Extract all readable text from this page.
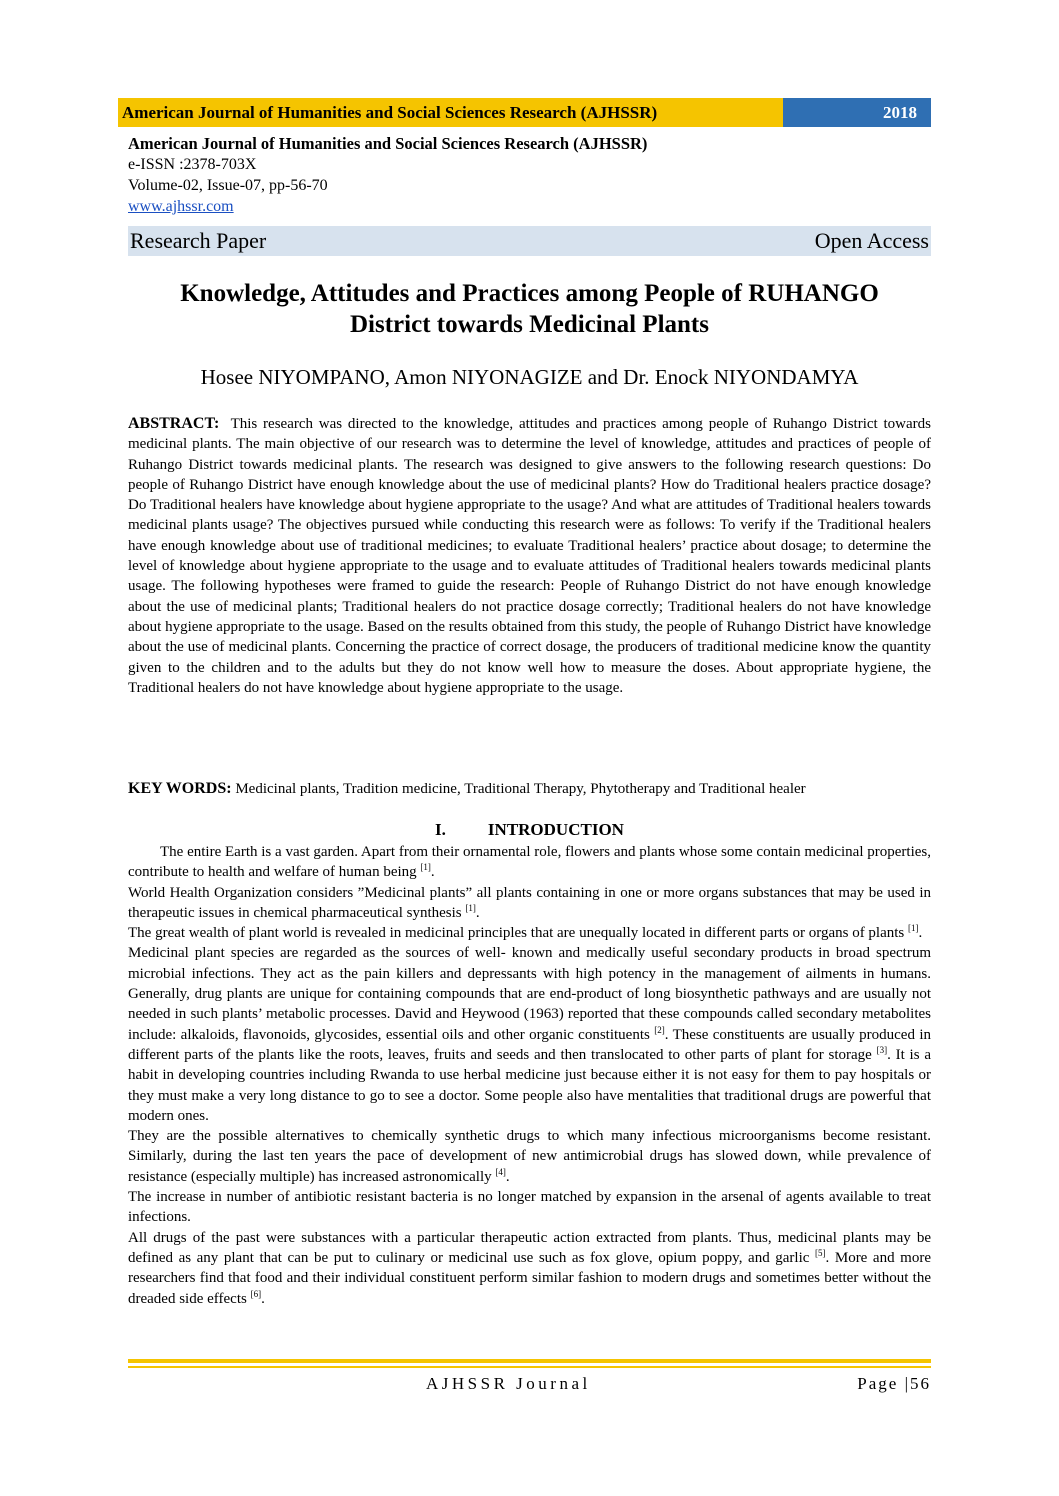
American Journal of Humanities and Social Sciences Research (AJHSSR)	2018
American Journal of Humanities and Social Sciences Research (AJHSSR)
e-ISSN :2378-703X
Volume-02, Issue-07, pp-56-70
www.ajhssr.com
Research Paper	Open Access
Knowledge, Attitudes and Practices among People of RUHANGO
District towards Medicinal Plants
Hosee NIYOMPANO, Amon NIYONAGIZE and Dr. Enock NIYONDAMYA
ABSTRACT: This research was directed to the knowledge, attitudes and practices among people of Ruhango District towards medicinal plants. The main objective of our research was to determine the level of knowledge, attitudes and practices of people of Ruhango District towards medicinal plants. The research was designed to give answers to the following research questions: Do people of Ruhango District have enough knowledge about the use of medicinal plants? How do Traditional healers practice dosage? Do Traditional healers have knowledge about hygiene appropriate to the usage? And what are attitudes of Traditional healers towards medicinal plants usage? The objectives pursued while conducting this research were as follows: To verify if the Traditional healers have enough knowledge about use of traditional medicines; to evaluate Traditional healers’ practice about dosage; to determine the level of knowledge about hygiene appropriate to the usage and to evaluate attitudes of Traditional healers towards medicinal plants usage. The following hypotheses were framed to guide the research: People of Ruhango District do not have enough knowledge about the use of medicinal plants; Traditional healers do not practice dosage correctly; Traditional healers do not have knowledge about hygiene appropriate to the usage. Based on the results obtained from this study, the people of Ruhango District have knowledge about the use of medicinal plants. Concerning the practice of correct dosage, the producers of traditional medicine know the quantity given to the children and to the adults but they do not know well how to measure the doses. About appropriate hygiene, the Traditional healers do not have knowledge about hygiene appropriate to the usage.
KEY WORDS: Medicinal plants, Tradition medicine, Traditional Therapy, Phytotherapy and Traditional healer
I. INTRODUCTION

The entire Earth is a vast garden. Apart from their ornamental role, flowers and plants whose some contain medicinal properties, contribute to health and welfare of human being [1].

World Health Organization considers ”Medicinal plants” all plants containing in one or more organs substances that may be used in therapeutic issues in chemical pharmaceutical synthesis [1].

The great wealth of plant world is revealed in medicinal principles that are unequally located in different parts or organs of plants [1].

Medicinal plant species are regarded as the sources of well- known and medically useful secondary products in broad spectrum microbial infections. They act as the pain killers and depressants with high potency in the management of ailments in humans. Generally, drug plants are unique for containing compounds that are end-product of long biosynthetic pathways and are usually not needed in such plants’ metabolic processes. David and Heywood (1963) reported that these compounds called secondary metabolites include: alkaloids, flavonoids, glycosides, essential oils and other organic constituents [2]. These constituents are usually produced in different parts of the plants like the roots, leaves, fruits and seeds and then translocated to other parts of plant for storage [3]. It is a habit in developing countries including Rwanda to use herbal medicine just because either it is not easy for them to pay hospitals or they must make a very long distance to go to see a doctor. Some people also have mentalities that traditional drugs are powerful that modern ones.

They are the possible alternatives to chemically synthetic drugs to which many infectious microorganisms become resistant. Similarly, during the last ten years the pace of development of new antimicrobial drugs has slowed down, while prevalence of resistance (especially multiple) has increased astronomically [4].

The increase in number of antibiotic resistant bacteria is no longer matched by expansion in the arsenal of agents available to treat infections.

All drugs of the past were substances with a particular therapeutic action extracted from plants. Thus, medicinal plants may be defined as any plant that can be put to culinary or medicinal use such as fox glove, opium poppy, and garlic [5]. More and more researchers find that food and their individual constituent perform similar fashion to modern drugs and sometimes better without the dreaded side effects [6].

AJHSSR Journal	Page |56
